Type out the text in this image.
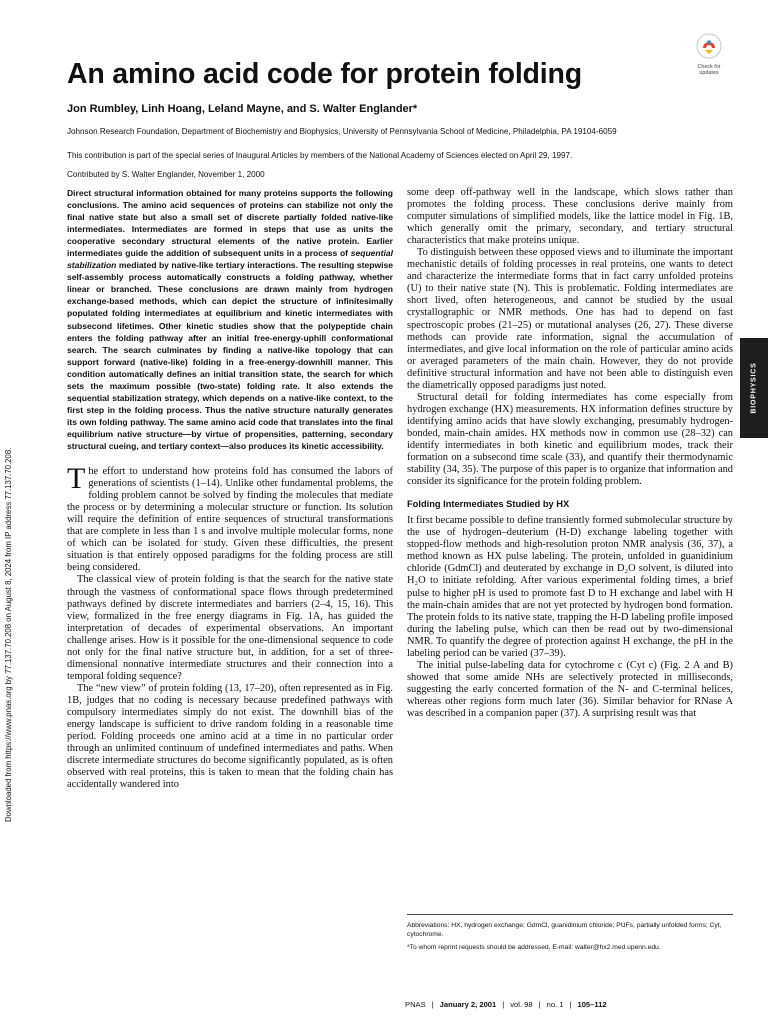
An amino acid code for protein folding
Jon Rumbley, Linh Hoang, Leland Mayne, and S. Walter Englander*
Johnson Research Foundation, Department of Biochemistry and Biophysics, University of Pennsylvania School of Medicine, Philadelphia, PA 19104-6059
This contribution is part of the special series of Inaugural Articles by members of the National Academy of Sciences elected on April 29, 1997.
Contributed by S. Walter Englander, November 1, 2000
Check for
updates
BIOPHYSICS
Downloaded from https://www.pnas.org by 77.137.70.208 on August 8, 2024 from IP address 77.137.70.208.

Direct structural information obtained for many proteins supports the following conclusions. The amino acid sequences of proteins can stabilize not only the final native state but also a small set of discrete partially folded native-like intermediates. Intermediates are formed in steps that use as units the cooperative secondary structural elements of the native protein. Earlier intermediates guide the addition of subsequent units in a process of sequential stabilization mediated by native-like tertiary interactions. The resulting stepwise self-assembly process automatically constructs a folding pathway, whether linear or branched. These conclusions are drawn mainly from hydrogen exchange-based methods, which can depict the structure of infinitesimally populated folding intermediates at equilibrium and kinetic intermediates with subsecond lifetimes. Other kinetic studies show that the polypeptide chain enters the folding pathway after an initial free-energy-uphill conformational search. The search culminates by finding a native-like topology that can support forward (native-like) folding in a free-energy-downhill manner. This condition automatically defines an initial transition state, the search for which sets the maximum possible (two-state) folding rate. It also extends the sequential stabilization strategy, which depends on a native-like context, to the first step in the folding process. Thus the native structure naturally generates its own folding pathway. The same amino acid code that translates into the final equilibrium native structure—by virtue of propensities, patterning, secondary structural cueing, and tertiary context—also produces its kinetic accessibility.

The effort to understand how proteins fold has consumed the labors of generations of scientists (1–14). Unlike other fundamental problems, the folding problem cannot be solved by finding the molecules that mediate the process or by determining a molecular structure or function. Its solution will require the definition of entire sequences of structural transformations that are complete in less than 1 s and involve multiple molecular forms, none of which can be isolated for study. Given these difficulties, the present situation is that entirely opposed paradigms for the folding process are still being considered.

The classical view of protein folding is that the search for the native state through the vastness of conformational space flows through predetermined pathways defined by discrete intermediates and barriers (2–4, 15, 16). This view, formalized in the free energy diagrams in Fig. 1A, has guided the interpretation of decades of experimental observations. An important challenge arises. How is it possible for the one-dimensional sequence to code not only for the final native structure but, in addition, for a set of three-dimensional nonnative intermediate structures and their connection into a temporal folding sequence?

The “new view” of protein folding (13, 17–20), often represented as in Fig. 1B, judges that no coding is necessary because predefined pathways with compulsory intermediates simply do not exist. The downhill bias of the energy landscape is sufficient to drive random folding in a reasonable time period. Folding proceeds one amino acid at a time in no particular order through an unlimited continuum of undefined intermediates and paths. When discrete intermediate structures do become significantly populated, as is often observed with real proteins, this is taken to mean that the folding chain has accidentally wandered into

some deep off-pathway well in the landscape, which slows rather than promotes the folding process. These conclusions derive mainly from computer simulations of simplified models, like the lattice model in Fig. 1B, which generally omit the primary, secondary, and tertiary structural characteristics that make proteins unique.

To distinguish between these opposed views and to illuminate the important mechanistic details of folding processes in real proteins, one wants to detect and characterize the intermediate forms that in fact carry unfolded proteins (U) to their native state (N). This is problematic. Folding intermediates are short lived, often heterogeneous, and cannot be studied by the usual crystallographic or NMR methods. One has had to depend on fast spectroscopic probes (21–25) or mutational analyses (26, 27). These diverse methods can provide rate information, signal the accumulation of intermediates, and give local information on the role of particular amino acids or averaged parameters of the main chain. However, they do not provide definitive structural information and have not been able to distinguish even the diametrically opposed paradigms just noted.

Structural detail for folding intermediates has come especially from hydrogen exchange (HX) measurements. HX information defines structure by identifying amino acids that have slowly exchanging, presumably hydrogen-bonded, main-chain amides. HX methods now in common use (28–32) can identify intermediates in both kinetic and equilibrium modes, track their formation on a subsecond time scale (33), and quantify their thermodynamic stability (34, 35). The purpose of this paper is to organize that information and consider its significance for the protein folding problem.

Folding Intermediates Studied by HX

It first became possible to define transiently formed submolecular structure by the use of hydrogen–deuterium (H-D) exchange labeling together with stopped-flow methods and high-resolution proton NMR analysis (36, 37), a method known as HX pulse labeling. The protein, unfolded in guanidinium chloride (GdmCl) and deuterated by exchange in D₂O solvent, is diluted into H₂O to initiate refolding. After various experimental folding times, a brief pulse to higher pH is used to promote fast D to H exchange and label with H the main-chain amides that are not yet protected by hydrogen bond formation. The protein folds to its native state, trapping the H-D labeling profile imposed during the labeling pulse, which can then be read out by two-dimensional NMR. To quantify the degree of protection against H exchange, the pH in the labeling period can be varied (37–39).

The initial pulse-labeling data for cytochrome c (Cyt c) (Fig. 2 A and B) showed that some amide NHs are selectively protected in milliseconds, suggesting the early concerted formation of the N- and C-terminal helices, whereas other regions form much later (36). Similar behavior for RNase A was described in a companion paper (37). A surprising result was that

Abbreviations: HX, hydrogen exchange; GdmCl, guanidinium chloride; PUFs, partially unfolded forms; Cyt, cytochrome.
*To whom reprint requests should be addressed. E-mail: walter@hx2.med.upenn.edu.
PNAS | January 2, 2001 | vol. 98 | no. 1 | 105–112
